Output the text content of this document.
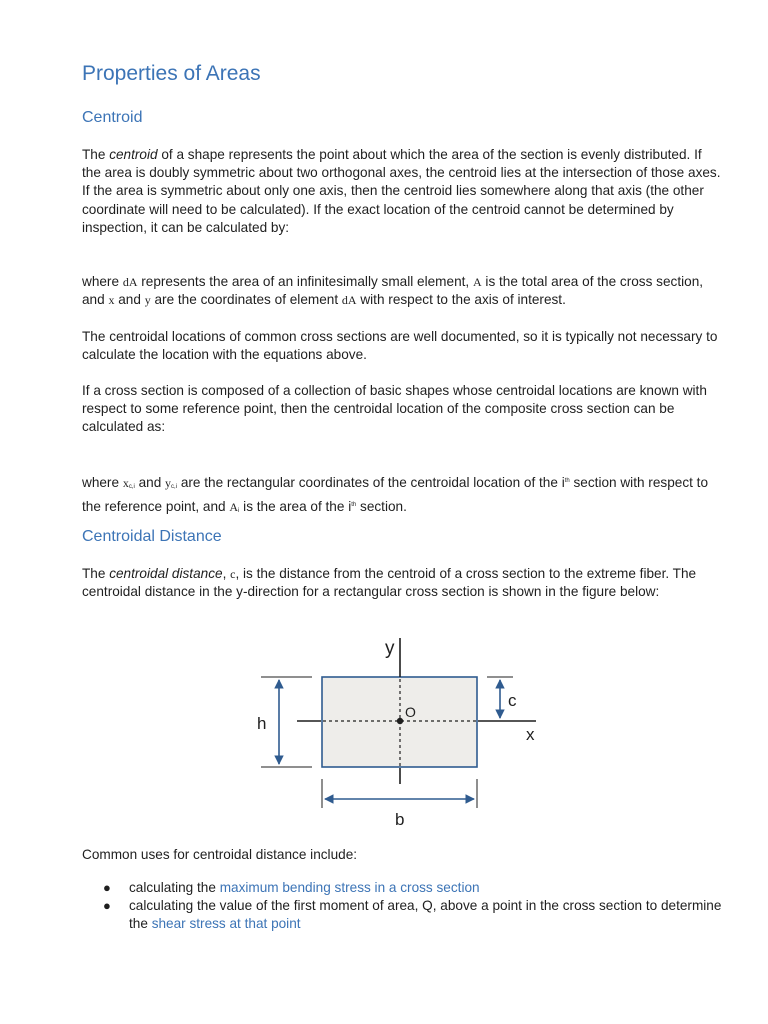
Properties of Areas
Centroid

The centroid of a shape represents the point about which the area of the section is evenly distributed. If the area is doubly symmetric about two orthogonal axes, the centroid lies at the intersection of those axes. If the area is symmetric about only one axis, then the centroid lies somewhere along that axis (the other coordinate will need to be calculated). If the exact location of the centroid cannot be determined by inspection, it can be calculated by:

where dA represents the area of an infinitesimally small element, A is the total area of the cross section, and x and y are the coordinates of element dA with respect to the axis of interest.

The centroidal locations of common cross sections are well documented, so it is typically not necessary to calculate the location with the equations above.

If a cross section is composed of a collection of basic shapes whose centroidal locations are known with respect to some reference point, then the centroidal location of the composite cross section can be calculated as:

where xc,i and yc,i are the rectangular coordinates of the centroidal location of the $i^{th}$ section with respect to the reference point, and Ai is the area of the $i^{th}$ section.

Centroidal Distance

The centroidal distance, c, is the distance from the centroid of a cross section to the extreme fiber. The centroidal distance in the y-direction for a rectangular cross section is shown in the figure below:

y
O
h
c
x
b

Common uses for centroidal distance include:

● calculating the maximum bending stress in a cross section
● calculating the value of the first moment of area, Q, above a point in the cross section to determine the shear stress at that point
